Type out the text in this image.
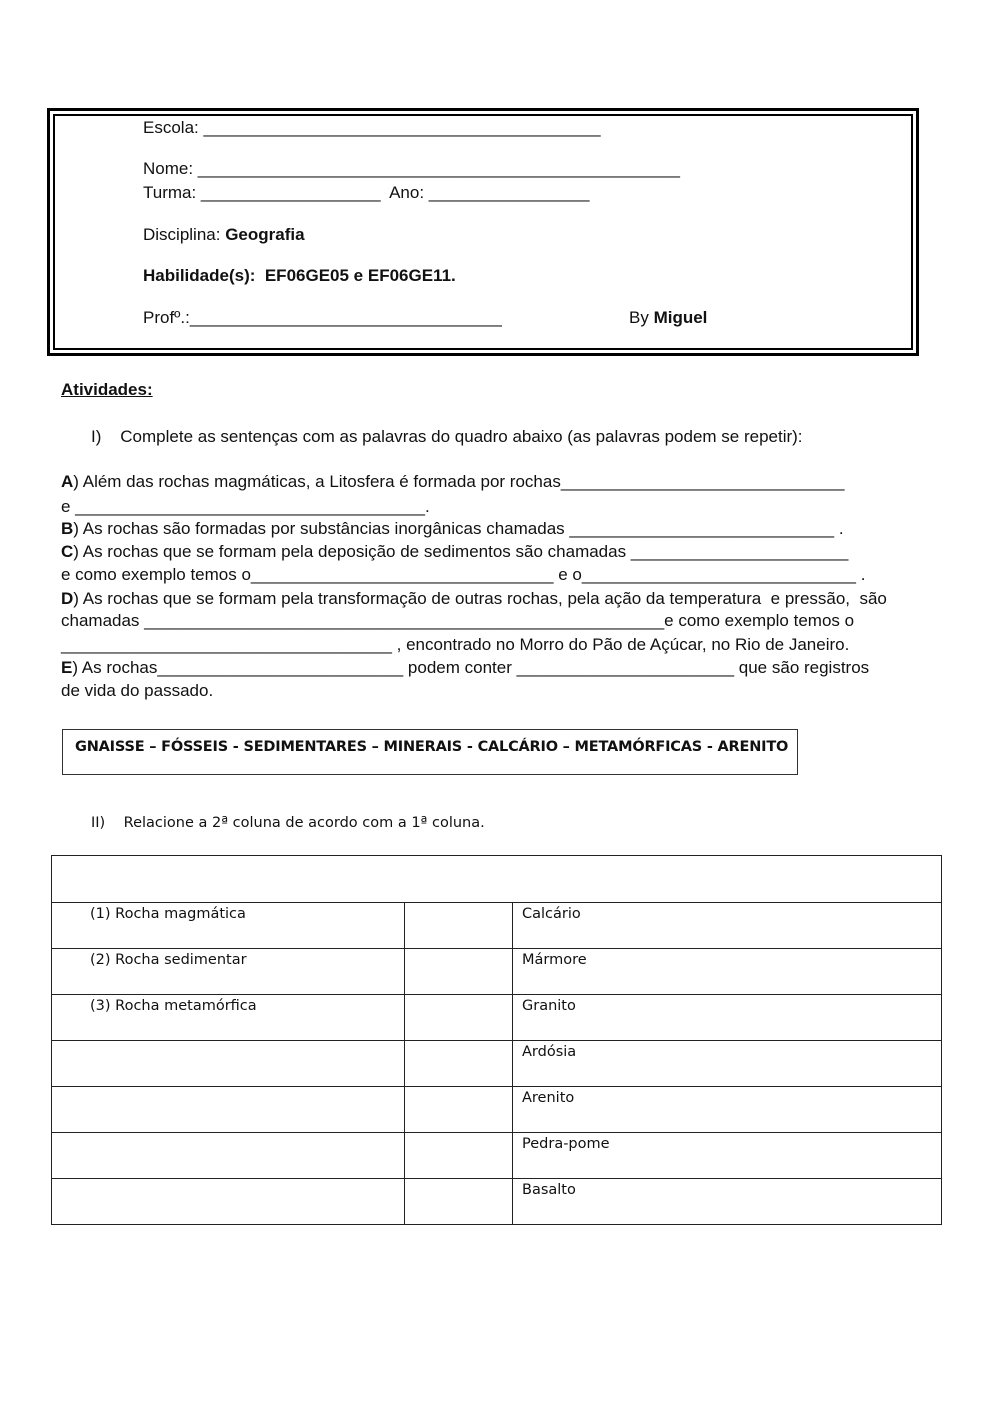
Escola: __________________________________________
Nome: ___________________________________________________
Turma: ___________________  Ano: _________________
Disciplina: Geografia
Habilidade(s):  EF06GE05 e EF06GE11.
Profº.:_________________________________	By Miguel
Atividades:
I)    Complete as sentenças com as palavras do quadro abaixo (as palavras podem se repetir):
A) Além das rochas magmáticas, a Litosfera é formada por rochas______________________________
e _____________________________________.
B) As rochas são formadas por substâncias inorgânicas chamadas ____________________________ .
C) As rochas que se formam pela deposição de sedimentos são chamadas _______________________
e como exemplo temos o________________________________ e o_____________________________ .
D) As rochas que se formam pela transformação de outras rochas, pela ação da temperatura  e pressão,  são
chamadas _______________________________________________________e como exemplo temos o
___________________________________ , encontrado no Morro do Pão de Açúcar, no Rio de Janeiro.
E) As rochas__________________________ podem conter _______________________ que são registros
de vida do passado.
GNAISSE – FÓSSEIS - SEDIMENTARES – MINERAIS - CALCÁRIO – METAMÓRFICAS - ARENITO
II)    Relacione a 2ª coluna de acordo com a 1ª coluna.

(1) Rocha magmática		Calcário
(2) Rocha sedimentar		Mármore
(3) Rocha metamórfica		Granito
		Ardósia
		Arenito
		Pedra-pome
		Basalto
